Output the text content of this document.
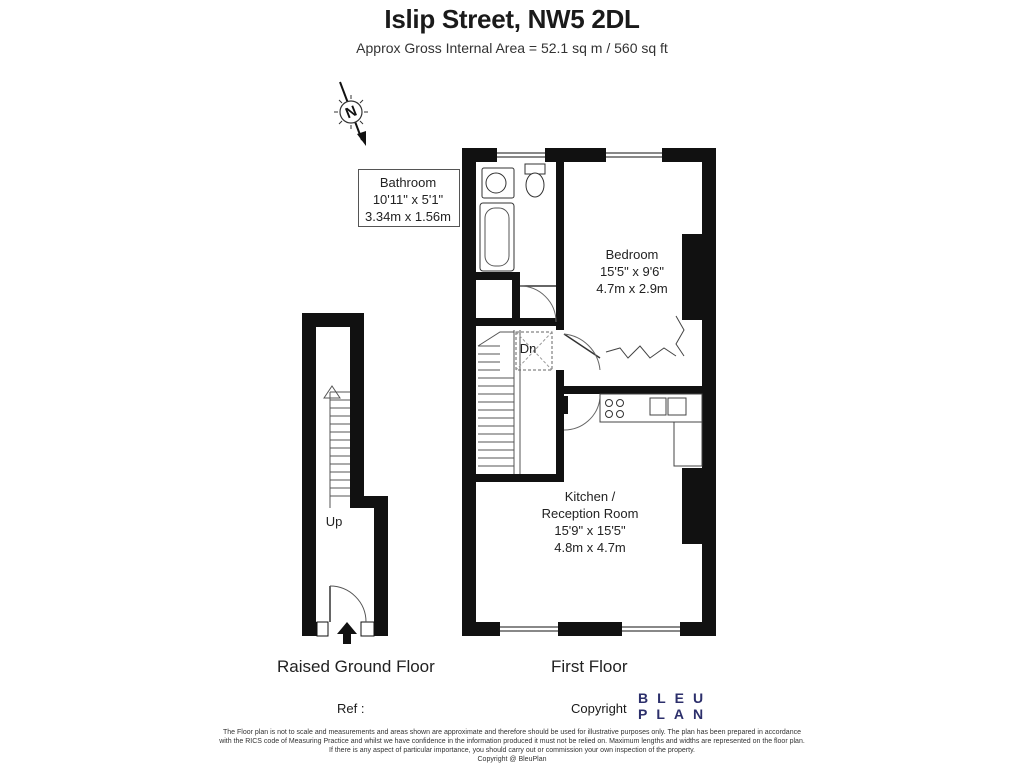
Islip Street, NW5 2DL
Approx Gross Internal Area = 52.1 sq m / 560 sq ft
N
Bathroom
10'11" x 5'1"
3.34m x 1.56m
Bedroom
15'5" x 9'6"
4.7m x 2.9m
Kitchen /
Reception Room
15'9" x 15'5"
4.8m x 4.7m
Dn
Up
Raised Ground Floor	First Floor
Ref :	Copyright
BLEU
PLAN
The Floor plan is not to scale and measurements and areas shown are approximate and therefore should be used for illustrative purposes only. The plan has been prepared in accordance
with the RICS code of Measuring Practice and whilst we have confidence in the information produced it must not be relied on. Maximum lengths and widths are represented on the floor plan.
If there is any aspect of particular importance, you should carry out or commission your own inspection of the property.
Copyright @ BleuPlan
